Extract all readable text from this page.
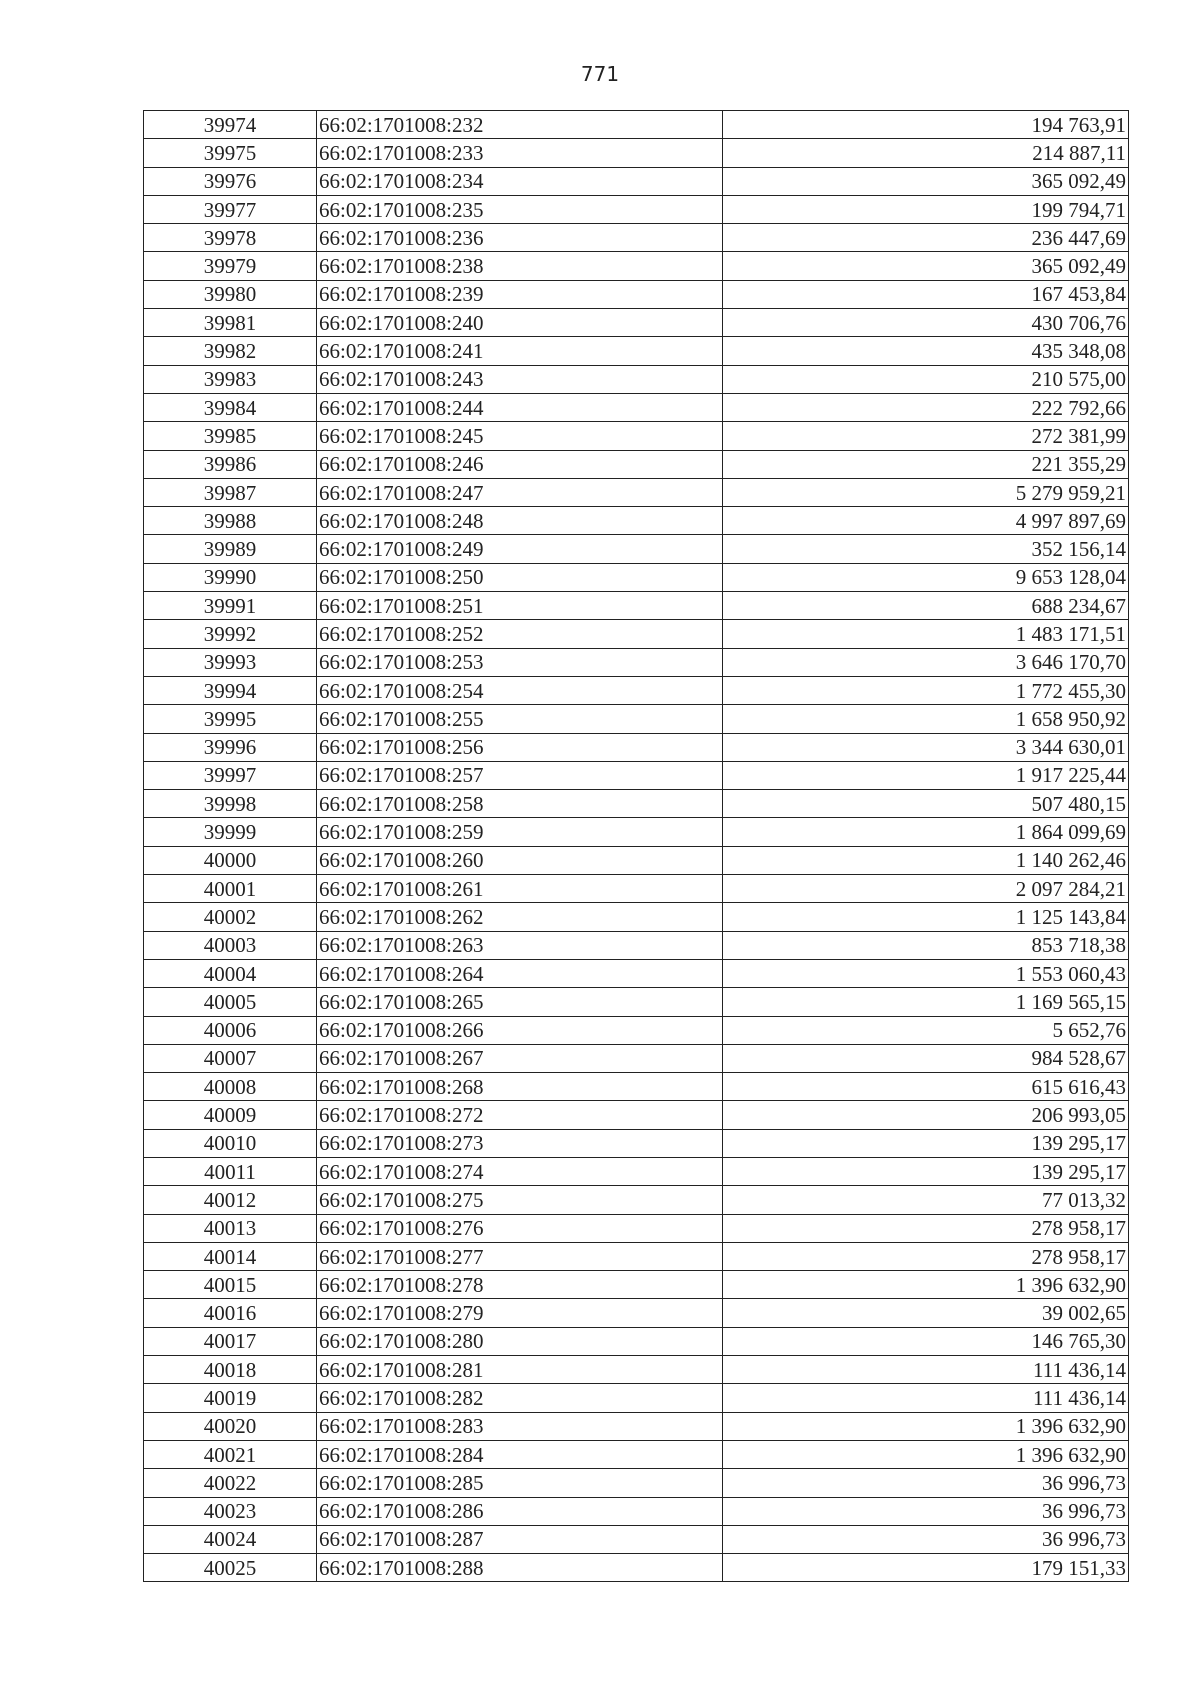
771
39974	66:02:1701008:232	194 763,91
39975	66:02:1701008:233	214 887,11
39976	66:02:1701008:234	365 092,49
39977	66:02:1701008:235	199 794,71
39978	66:02:1701008:236	236 447,69
39979	66:02:1701008:238	365 092,49
39980	66:02:1701008:239	167 453,84
39981	66:02:1701008:240	430 706,76
39982	66:02:1701008:241	435 348,08
39983	66:02:1701008:243	210 575,00
39984	66:02:1701008:244	222 792,66
39985	66:02:1701008:245	272 381,99
39986	66:02:1701008:246	221 355,29
39987	66:02:1701008:247	5 279 959,21
39988	66:02:1701008:248	4 997 897,69
39989	66:02:1701008:249	352 156,14
39990	66:02:1701008:250	9 653 128,04
39991	66:02:1701008:251	688 234,67
39992	66:02:1701008:252	1 483 171,51
39993	66:02:1701008:253	3 646 170,70
39994	66:02:1701008:254	1 772 455,30
39995	66:02:1701008:255	1 658 950,92
39996	66:02:1701008:256	3 344 630,01
39997	66:02:1701008:257	1 917 225,44
39998	66:02:1701008:258	507 480,15
39999	66:02:1701008:259	1 864 099,69
40000	66:02:1701008:260	1 140 262,46
40001	66:02:1701008:261	2 097 284,21
40002	66:02:1701008:262	1 125 143,84
40003	66:02:1701008:263	853 718,38
40004	66:02:1701008:264	1 553 060,43
40005	66:02:1701008:265	1 169 565,15
40006	66:02:1701008:266	5 652,76
40007	66:02:1701008:267	984 528,67
40008	66:02:1701008:268	615 616,43
40009	66:02:1701008:272	206 993,05
40010	66:02:1701008:273	139 295,17
40011	66:02:1701008:274	139 295,17
40012	66:02:1701008:275	77 013,32
40013	66:02:1701008:276	278 958,17
40014	66:02:1701008:277	278 958,17
40015	66:02:1701008:278	1 396 632,90
40016	66:02:1701008:279	39 002,65
40017	66:02:1701008:280	146 765,30
40018	66:02:1701008:281	111 436,14
40019	66:02:1701008:282	111 436,14
40020	66:02:1701008:283	1 396 632,90
40021	66:02:1701008:284	1 396 632,90
40022	66:02:1701008:285	36 996,73
40023	66:02:1701008:286	36 996,73
40024	66:02:1701008:287	36 996,73
40025	66:02:1701008:288	179 151,33
